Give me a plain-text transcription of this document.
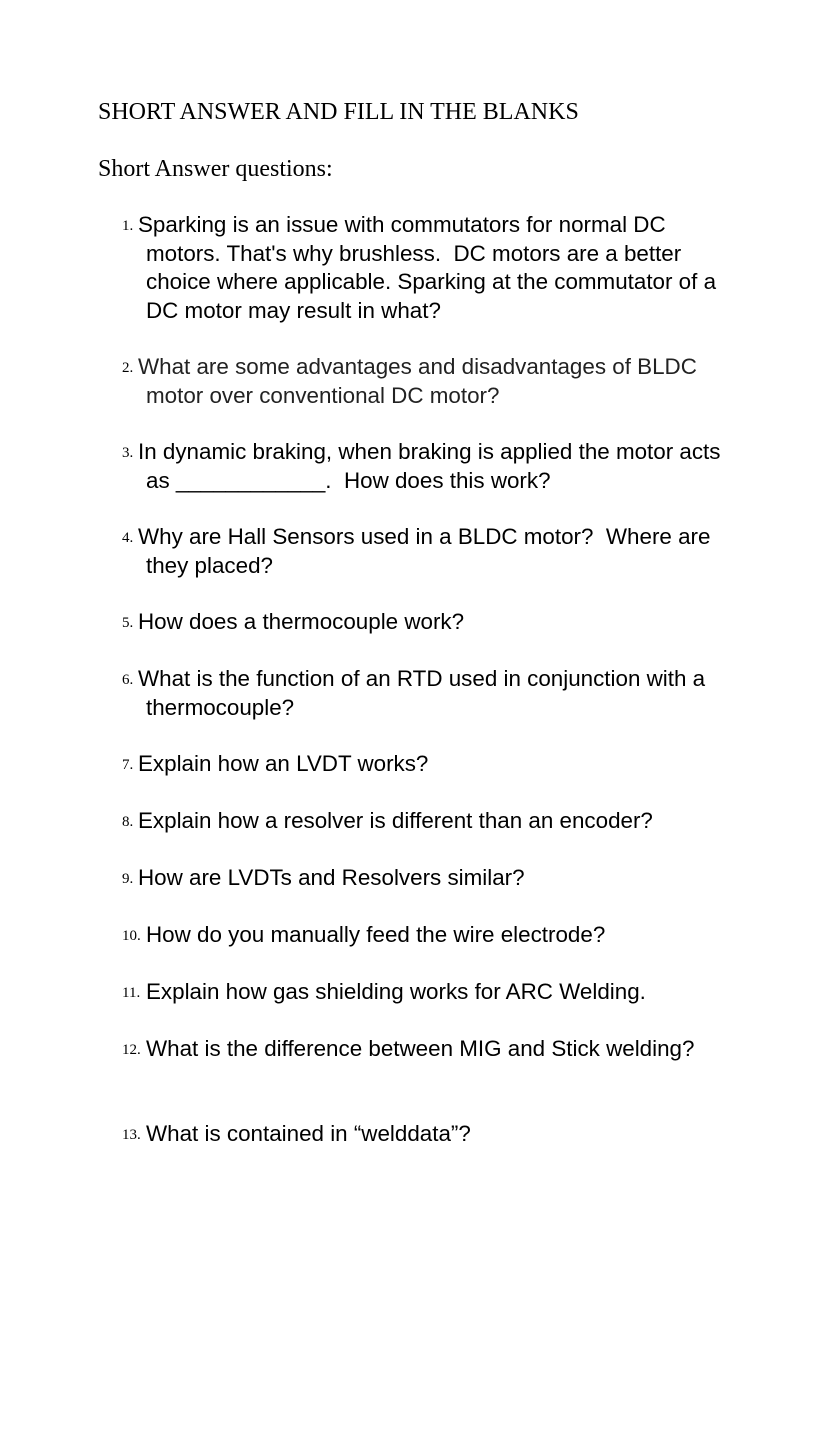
SHORT ANSWER AND FILL IN THE BLANKS
Short Answer questions:
1. Sparking is an issue with commutators for normal DC motors. That's why brushless.  DC motors are a better choice where applicable. Sparking at the commutator of a DC motor may result in what?
2. What are some advantages and disadvantages of BLDC motor over conventional DC motor?
3. In dynamic braking, when braking is applied the motor acts as ____________.  How does this work?
4. Why are Hall Sensors used in a BLDC motor?  Where are they placed?
5. How does a thermocouple work?
6. What is the function of an RTD used in conjunction with a thermocouple?
7. Explain how an LVDT works?
8. Explain how a resolver is different than an encoder?
9. How are LVDTs and Resolvers similar?
10. How do you manually feed the wire electrode?
11. Explain how gas shielding works for ARC Welding.
12. What is the difference between MIG and Stick welding?
13. What is contained in “welddata”?
